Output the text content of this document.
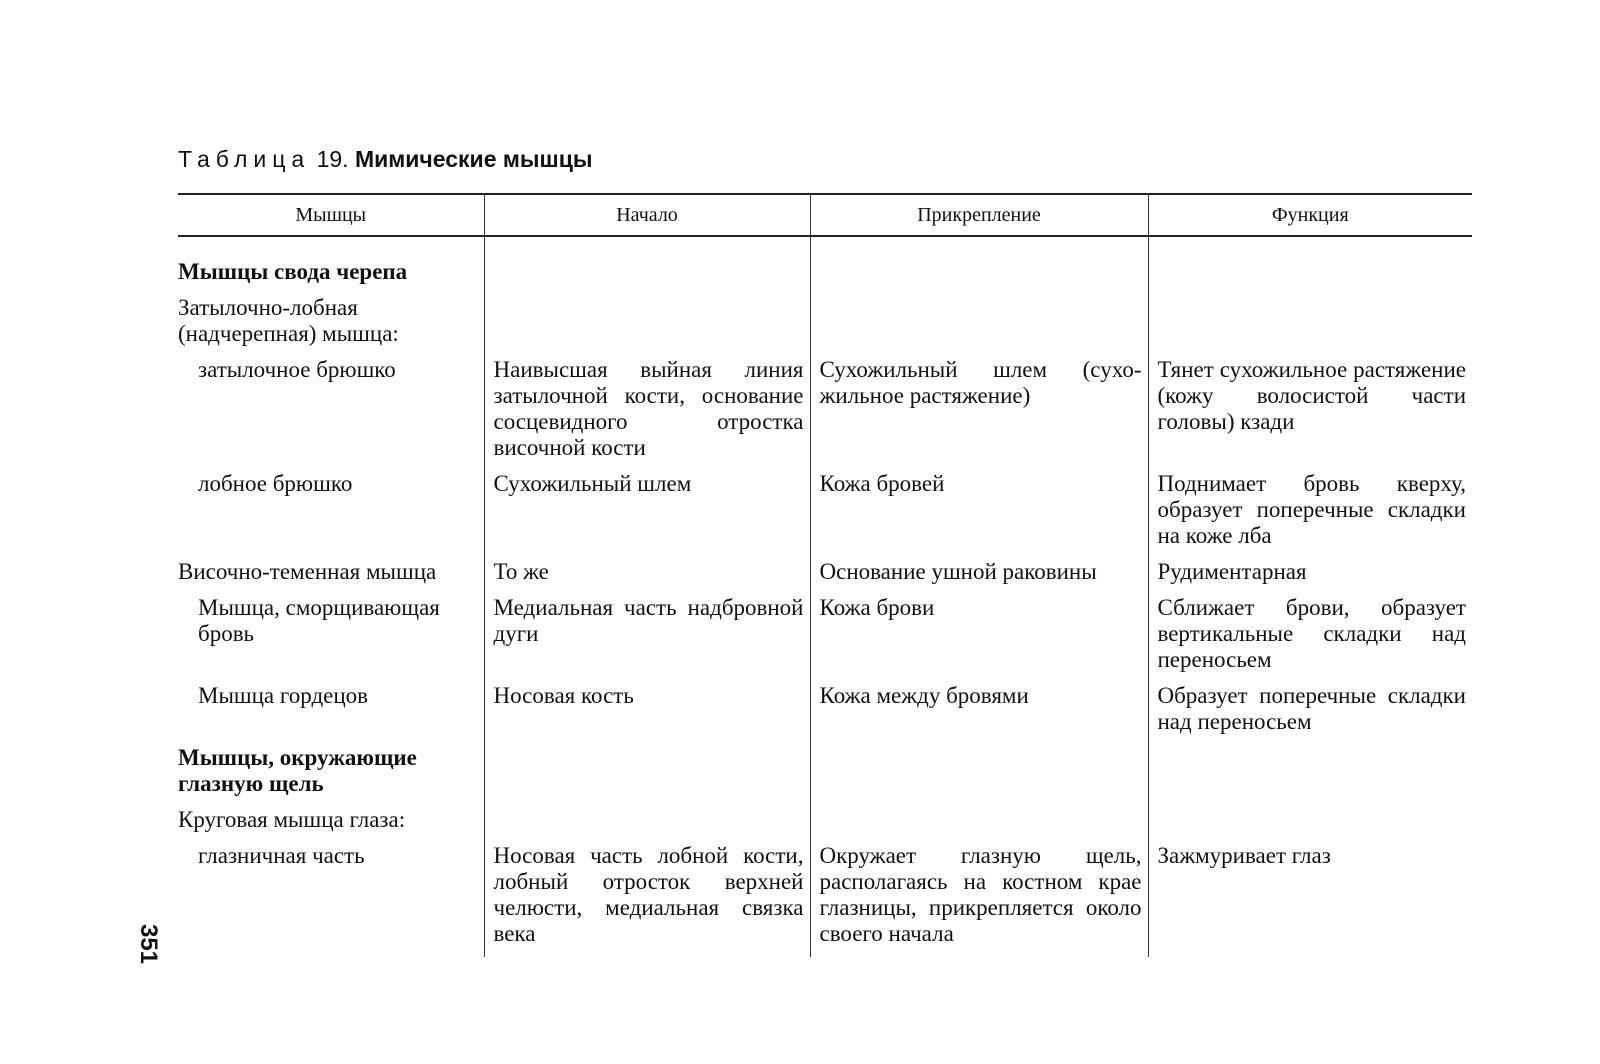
Таблица 19. Мимические мышцы
Мышцы	Начало	Прикрепление	Функция
Мышцы свода черепа			
Затылочно-лобная (надчерепная) мышца:			
затылочное брюшко	Наивысшая выйная линия затылочной кости, основание сосцевидного отростка височной кости	Сухожильный шлем (сухожильное растяжение)	Тянет сухожильное растяжение (кожу волосистой части головы) кзади
лобное брюшко	Сухожильный шлем	Кожа бровей	Поднимает бровь кверху, образует поперечные складки на коже лба
Височно-теменная мышца	То же	Основание ушной раковины	Рудиментарная
Мышца, сморщивающая бровь	Медиальная часть надбровной дуги	Кожа брови	Сближает брови, образует вертикальные складки над переносьем
Мышца гордецов	Носовая кость	Кожа между бровями	Образует поперечные складки над переносьем
Мышцы, окружающие глазную щель			
Круговая мышца глаза:			
глазничная часть	Носовая часть лобной кости, лобный отросток верхней челюсти, медиальная связка века	Окружает глазную щель, располагаясь на костном крае глазницы, прикрепляется около своего начала	Зажмуривает глаз
351
